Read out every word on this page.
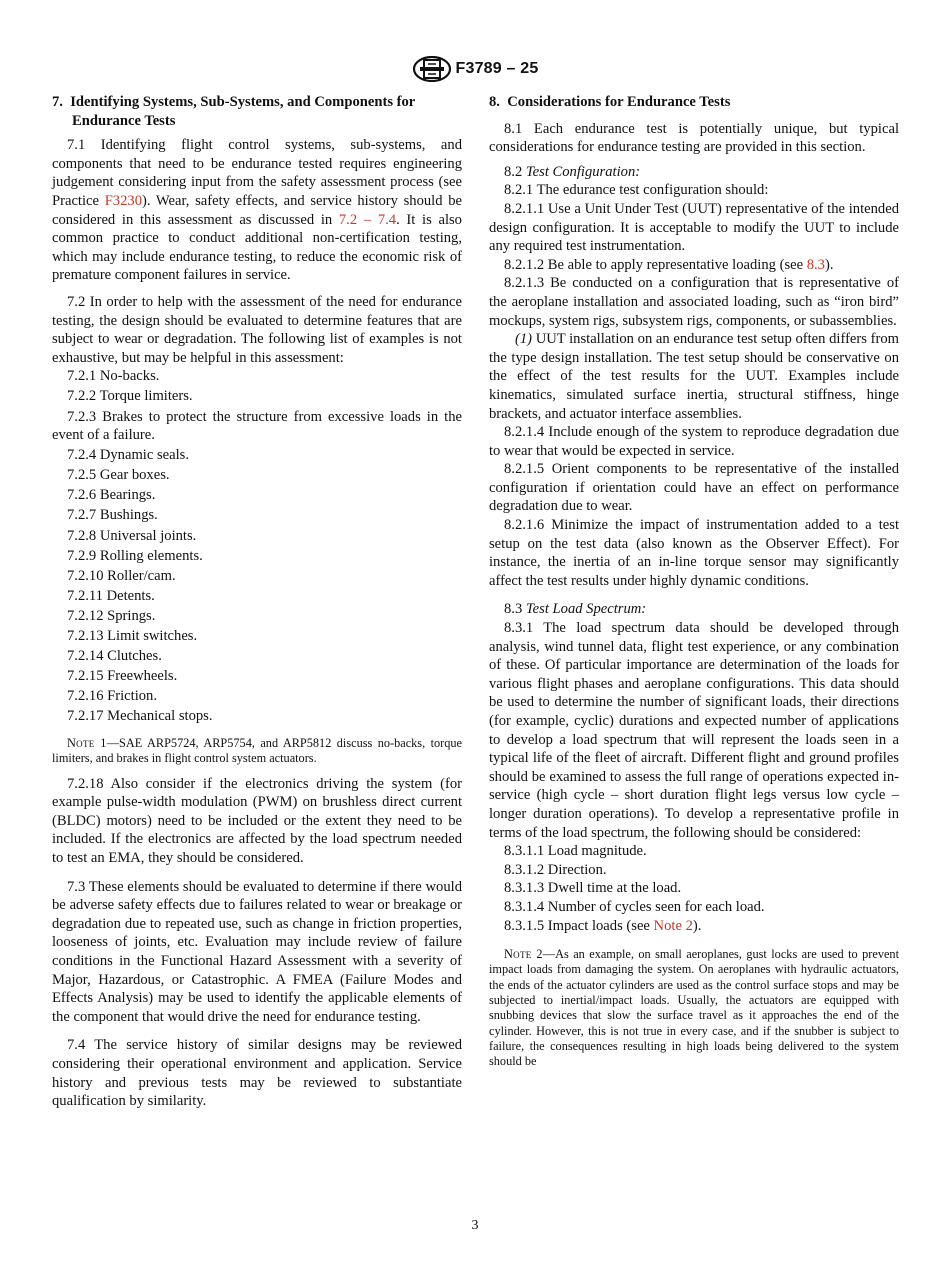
F3789 – 25
7. Identifying Systems, Sub-Systems, and Components for Endurance Tests

7.1 Identifying flight control systems, sub-systems, and components that need to be endurance tested requires engineering judgement considering input from the safety assessment process (see Practice F3230). Wear, safety effects, and service history should be considered in this assessment as discussed in 7.2 – 7.4. It is also common practice to conduct additional non-certification testing, which may include endurance testing, to reduce the economic risk of premature component failures in service.

7.2 In order to help with the assessment of the need for endurance testing, the design should be evaluated to determine features that are subject to wear or degradation. The following list of examples is not exhaustive, but may be helpful in this assessment:

7.2.1 No-backs.

7.2.2 Torque limiters.

7.2.3 Brakes to protect the structure from excessive loads in the event of a failure.

7.2.4 Dynamic seals.

7.2.5 Gear boxes.

7.2.6 Bearings.

7.2.7 Bushings.

7.2.8 Universal joints.

7.2.9 Rolling elements.

7.2.10 Roller/cam.

7.2.11 Detents.

7.2.12 Springs.

7.2.13 Limit switches.

7.2.14 Clutches.

7.2.15 Freewheels.

7.2.16 Friction.

7.2.17 Mechanical stops.

Note 1—SAE ARP5724, ARP5754, and ARP5812 discuss no-backs, torque limiters, and brakes in flight control system actuators.

7.2.18 Also consider if the electronics driving the system (for example pulse-width modulation (PWM) on brushless direct current (BLDC) motors) need to be included or the extent they need to be included. If the electronics are affected by the load spectrum needed to test an EMA, they should be considered.

7.3 These elements should be evaluated to determine if there would be adverse safety effects due to failures related to wear or breakage or degradation due to repeated use, such as change in friction properties, looseness of joints, etc. Evaluation may include review of failure conditions in the Functional Hazard Assessment with a severity of Major, Hazardous, or Catastrophic. A FMEA (Failure Modes and Effects Analysis) may be used to identify the applicable elements of the component that would drive the need for endurance testing.

7.4 The service history of similar designs may be reviewed considering their operational environment and application. Service history and previous tests may be reviewed to substantiate qualification by similarity.

8. Considerations for Endurance Tests

8.1 Each endurance test is potentially unique, but typical considerations for endurance testing are provided in this section.

8.2 Test Configuration:

8.2.1 The edurance test configuration should:

8.2.1.1 Use a Unit Under Test (UUT) representative of the intended design configuration. It is acceptable to modify the UUT to include any required test instrumentation.

8.2.1.2 Be able to apply representative loading (see 8.3).

8.2.1.3 Be conducted on a configuration that is representative of the aeroplane installation and associated loading, such as “iron bird” mockups, system rigs, subsystem rigs, components, or subassemblies.

(1) UUT installation on an endurance test setup often differs from the type design installation. The test setup should be conservative on the effect of the test results for the UUT. Examples include kinematics, simulated surface inertia, structural stiffness, hinge brackets, and actuator interface assemblies.

8.2.1.4 Include enough of the system to reproduce degradation due to wear that would be expected in service.

8.2.1.5 Orient components to be representative of the installed configuration if orientation could have an effect on performance degradation due to wear.

8.2.1.6 Minimize the impact of instrumentation added to a test setup on the test data (also known as the Observer Effect). For instance, the inertia of an in-line torque sensor may significantly affect the test results under highly dynamic conditions.

8.3 Test Load Spectrum:

8.3.1 The load spectrum data should be developed through analysis, wind tunnel data, flight test experience, or any combination of these. Of particular importance are determination of the loads for various flight phases and aeroplane configurations. This data should be used to determine the number of significant loads, their directions (for example, cyclic) durations and expected number of applications to develop a load spectrum that will represent the loads seen in a typical life of the fleet of aircraft. Different flight and ground profiles should be examined to assess the full range of operations expected in-service (high cycle – short duration flight legs versus low cycle – longer duration operations). To develop a representative profile in terms of the load spectrum, the following should be considered:

8.3.1.1 Load magnitude.

8.3.1.2 Direction.

8.3.1.3 Dwell time at the load.

8.3.1.4 Number of cycles seen for each load.

8.3.1.5 Impact loads (see Note 2).

Note 2—As an example, on small aeroplanes, gust locks are used to prevent impact loads from damaging the system. On aeroplanes with hydraulic actuators, the ends of the actuator cylinders are used as the control surface stops and may be subjected to inertial/impact loads. Usually, the actuators are equipped with snubbing devices that slow the surface travel as it approaches the end of the cylinder. However, this is not true in every case, and if the snubber is subject to failure, the consequences resulting in high loads being delivered to the system should be
3
